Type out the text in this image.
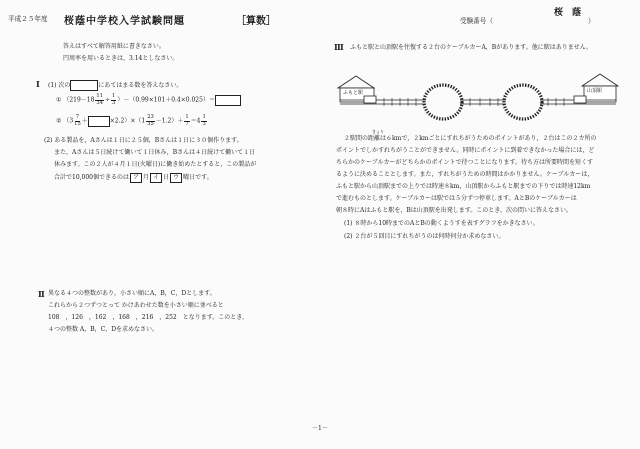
平成２５年度 桜蔭中学校入学試験問題	［算数］	受験番号（	）
桜　蔭
答えはすべて解答用紙に書きなさい。
円周率を用いるときは，3.14としなさい。
Ⅰ (1) 次の	にあてはまる数を答えなさい。
① $(219-18 \frac{11}{34} \div \frac{1}{3} )-(0.99\times 101+0.4\times 0.025)=$
② （$3 \frac{7}{15}$ ＋	$\times 2.2)\times(1 \frac{23}{35} -1.2)+ \frac{1}{7} =4 \frac{1}{3}$
(2) ある製品を，Aさんは１日に２５個，Bさんは１日に３０個作ります。
また，Aさんは５日続けて働いて１日休み，Bさんは４日続けて働いて１日
休みます。この２人が４月１日(火曜日)に働き始めたとすると，この製品が
合計で10,000個できるのは ア 月 イ 日 ウ 曜日です。
Ⅱ 異なる４つの整数があり，小さい順にA，B，C，Dとします。
これらから２つずつとって かけあわせた数を小さい順に並べると
108　，126　，162　，168　，216　，252　となります。このとき，
４つの整数 A，B，C，Dを求めなさい。
Ⅲ ふもと駅と山頂駅を往復する２台のケーブルカーA，Bがあります。他に駅はありません。
ふもと駅	山頂駅
きょり
２駅間の距離は６kmで，２kmごとにすれちがうためのポイントがあり，２台はこの２カ所の
ポイントでしかすれちがうことができません。同時にポイントに到着できなかった場合には，ど
ちらかのケーブルカーがどちらかのポイントで待つことになります。待ち方は所要時間を短くす
るように決めることとします。また，すれちがうための時間はかかりません。ケーブルカーは，
ふもと駅から山頂駅までの上りでは時速８km，山頂駅からふもと駅までの下りでは時速12km
で進むものとします。ケーブルカーは駅では５分ずつ停車します。AとBのケーブルカーは
朝８時にAはふもと駅を，Bは山頂駅を出発します。このとき，次の問いに答えなさい。
(1) ８時から10時までのAとBの動くようすを表すグラフをかきなさい。
(2) ２台が５回目にすれちがうのは何時何分か求めなさい。
－1－
